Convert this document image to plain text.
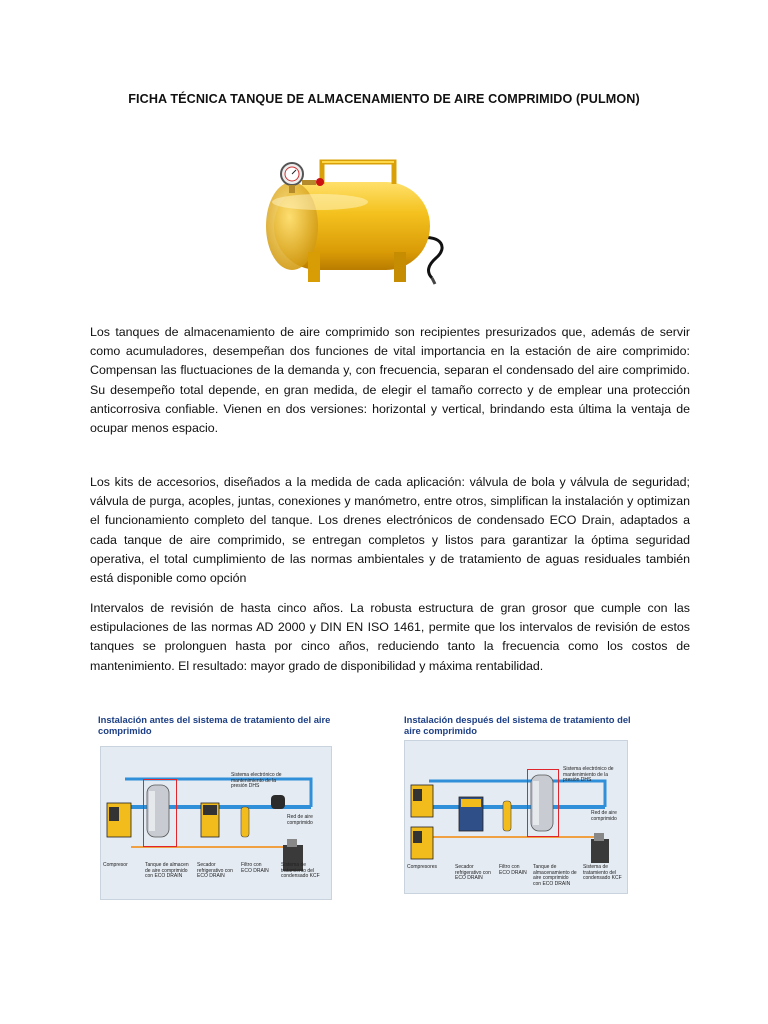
FICHA TÉCNICA TANQUE DE ALMACENAMIENTO DE AIRE COMPRIMIDO (PULMON)

Los tanques de almacenamiento de aire comprimido son recipientes presurizados que, además de servir como acumuladores, desempeñan dos funciones de vital importancia en la estación de aire comprimido: Compensan las fluctuaciones de la demanda y, con frecuencia, separan el condensado del aire comprimido. Su desempeño total depende, en gran medida, de elegir el tamaño correcto y de emplear una protección anticorrosiva confiable. Vienen en dos versiones: horizontal y vertical, brindando esta última la ventaja de ocupar menos espacio.

Los kits de accesorios, diseñados a la medida de cada aplicación: válvula de bola y válvula de seguridad; válvula de purga, acoples, juntas, conexiones y manómetro, entre otros, simplifican la instalación y optimizan el funcionamiento completo del tanque. Los drenes electrónicos de condensado ECO Drain, adaptados a cada tanque de aire comprimido, se entregan completos y listos para garantizar la óptima seguridad operativa, el total cumplimiento de las normas ambientales y de tratamiento de aguas residuales también está disponible como opción

Intervalos de revisión de hasta cinco años. La robusta estructura de gran grosor que cumple con las estipulaciones de las normas AD 2000 y DIN EN ISO 1461, permite que los intervalos de revisión de estos tanques se prolonguen hasta por cinco años, reduciendo tanto la frecuencia como los costos de mantenimiento. El resultado: mayor grado de disponibilidad y máxima rentabilidad.

Instalación antes del sistema de tratamiento del aire comprimido
Red de aire comprimido
Sistema electrónico de mantenimiento de la presión DHS
Compresor	Tanque de almacen de aire comprimido con ECO DRAIN
Secador refrigerativo con ECO DRAIN
Filtro con ECO DRAIN
Sistema de tratamiento del condensado KCF
Instalación después del sistema de tratamiento del aire comprimido
Red de aire comprimido
Sistema electrónico de mantenimiento de la presión DHS
Compresores	Secador refrigerativo con ECO DRAIN
Filtro con ECO DRAIN
Tanque de almacenamiento de aire comprimido con ECO DRAIN
Sistema de tratamiento del condensado KCF
